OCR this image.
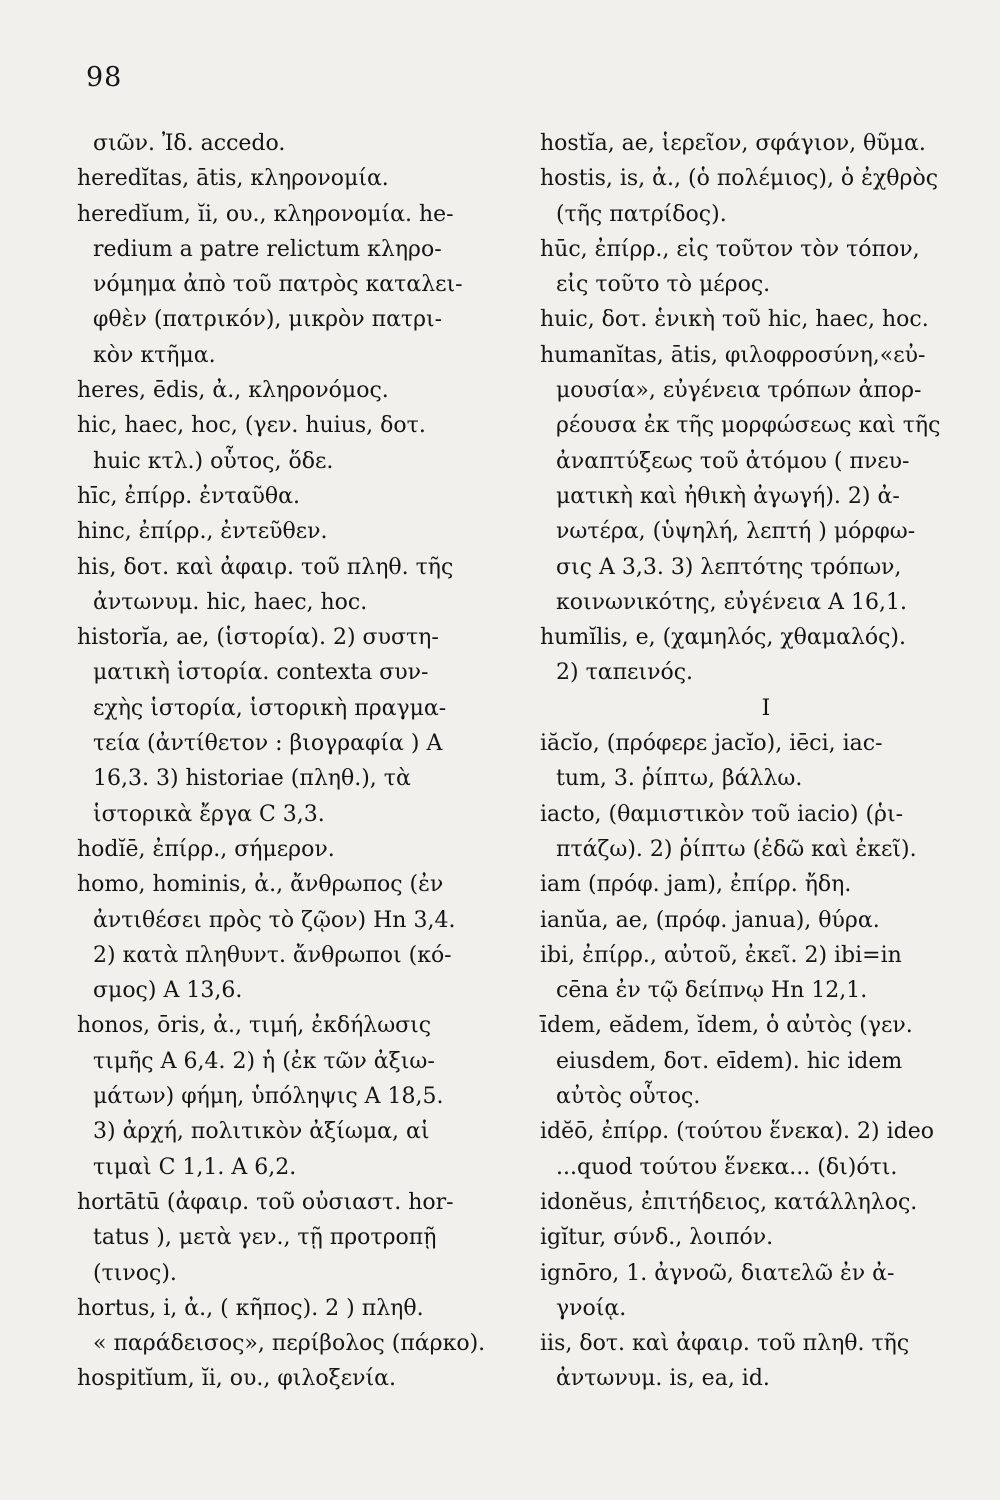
98
σιῶν. Ἰδ. accedo.
heredĭtas, ātis, κληρονομία.
heredĭum, ĭi, ου., κληρονομία. he-
redium a patre relictum κληρο-
νόμημα ἀπὸ τοῦ πατρὸς καταλει-
φθὲν (πατρικόν), μικρὸν πατρι-
κὸν κτῆμα.
heres, ēdis, ἀ., κληρονόμος.
hic, haec, hoc, (γεν. huius, δοτ.
huic κτλ.) οὗτος, ὅδε.
hīc, ἐπίρρ. ἐνταῦθα.
hinc, ἐπίρρ., ἐντεῦθεν.
his, δοτ. καὶ ἀφαιρ. τοῦ πληθ. τῆς
ἀντωνυμ. hic, haec, hoc.
historĭa, ae, (ἱστορία). 2) συστη-
ματικὴ ἱστορία. contexta συν-
εχὴς ἱστορία, ἱστορικὴ πραγμα-
τεία (ἀντίθετον : βιογραφία ) A
16,3. 3) historiae (πληθ.), τὰ
ἱστορικὰ ἔργα C 3,3.
hodĭē, ἐπίρρ., σήμερον.
homo, hominis, ἀ., ἄνθρωπος (ἐν
ἀντιθέσει πρὸς τὸ ζῷον) Hn 3,4.
2) κατὰ πληθυντ. ἄνθρωποι (κό-
σμος) A 13,6.
honos, ōris, ἀ., τιμή, ἐκδήλωσις
τιμῆς A 6,4. 2) ἡ (ἐκ τῶν ἀξιω-
μάτων) φήμη, ὑπόληψις A 18,5.
3) ἀρχή, πολιτικὸν ἀξίωμα, αἱ
τιμαὶ C 1,1. A 6,2.
hortātū (ἀφαιρ. τοῦ οὐσιαστ. hor-
tatus ), μετὰ γεν., τῇ προτροπῇ
(τινος).
hortus, i, ἀ., ( κῆπος). 2 ) πληθ.
« παράδεισος», περίβολος (πάρκο).
hospitĭum, ĭi, ου., φιλοξενία.
hostĭa, ae, ἱερεῖον, σφάγιον, θῦμα.
hostis, is, ἀ., (ὁ πολέμιος), ὁ ἐχθρὸς
(τῆς πατρίδος).
hūc, ἐπίρρ., εἰς τοῦτον τὸν τόπον,
εἰς τοῦτο τὸ μέρος.
huic, δοτ. ἑνικὴ τοῦ hic, haec, hoc.
humanĭtas, ātis, φιλοφροσύνη,«εὐ-
μουσία», εὐγένεια τρόπων ἀπορ-
ρέουσα ἐκ τῆς μορφώσεως καὶ τῆς
ἀναπτύξεως τοῦ ἀτόμου ( πνευ-
ματικὴ καὶ ἠθικὴ ἀγωγή). 2) ἀ-
νωτέρα, (ὑψηλή, λεπτή ) μόρφω-
σις A 3,3. 3) λεπτότης τρόπων,
κοινωνικότης, εὐγένεια A 16,1.
humĭlis, e, (χαμηλός, χθαμαλός).
2) ταπεινός.
I
iăcĭo, (πρόφερε jacĭo), iēci, iac-
tum, 3. ῥίπτω, βάλλω.
iacto, (θαμιστικὸν τοῦ iacio) (ῥι-
πτάζω). 2) ῥίπτω (ἐδῶ καὶ ἐκεῖ).
iam (πρόφ. jam), ἐπίρρ. ἤδη.
ianŭa, ae, (πρόφ. janua), θύρα.
ibi, ἐπίρρ., αὐτοῦ, ἐκεῖ. 2) ibi=in
cēna ἐν τῷ δείπνῳ Hn 12,1.
īdem, eădem, ĭdem, ὁ αὐτὸς (γεν.
eiusdem, δοτ. eīdem). hic idem
αὐτὸς οὗτος.
idĕō, ἐπίρρ. (τούτου ἕνεκα). 2) ideo
...quod τούτου ἕνεκα... (δι)ότι.
idonĕus, ἐπιτήδειος, κατάλληλος.
igĭtur, σύνδ., λοιπόν.
ignōro, 1. ἀγνοῶ, διατελῶ ἐν ἀ-
γνοίᾳ.
iis, δοτ. καὶ ἀφαιρ. τοῦ πληθ. τῆς
ἀντωνυμ. is, ea, id.
